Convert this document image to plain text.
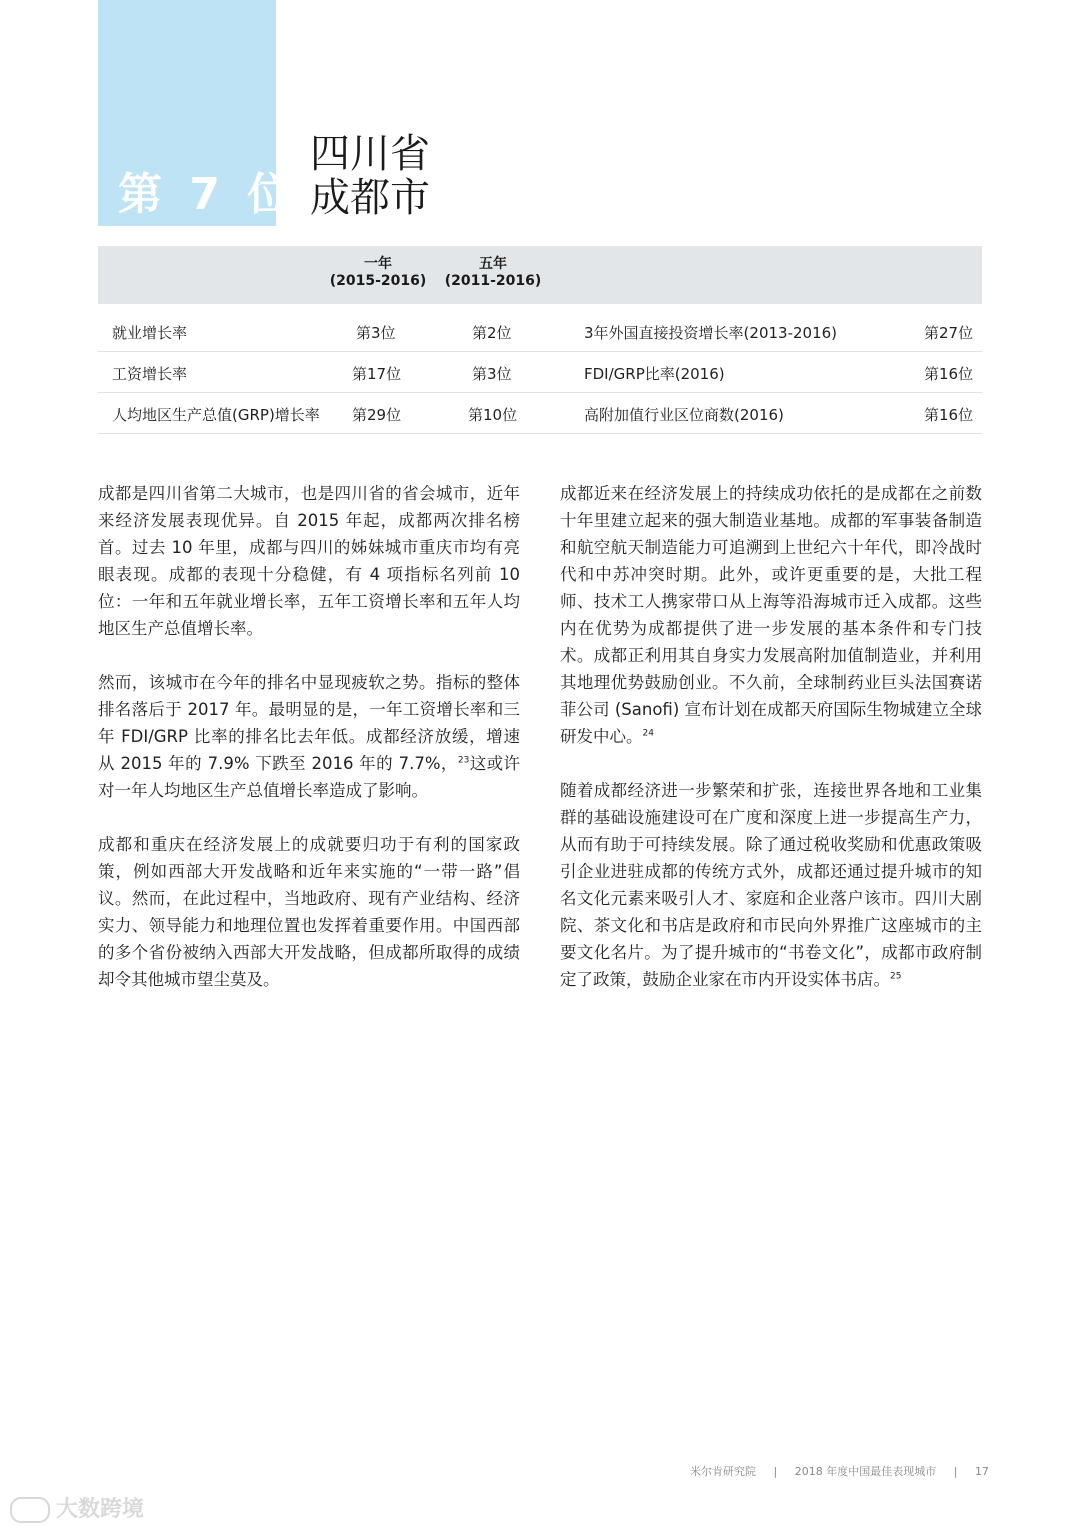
第 7 位
四川省
成都市
一年
(2015-2016)
五年
(2011-2016)
就业增长率	第3位	第2位	3年外国直接投资增长率(2013-2016)	第27位
工资增长率	第17位	第3位	FDI/GRP比率(2016)	第16位
人均地区生产总值(GRP)增长率 第29位	第10位	高附加值行业区位商数(2016)	第16位

成都是四川省第二大城市，也是四川省的省会城市，近年来经济发展表现优异。自 2015 年起，成都两次排名榜首。过去 10 年里，成都与四川的姊妹城市重庆市均有亮眼表现。成都的表现十分稳健，有 4 项指标名列前 10 位：一年和五年就业增长率，五年工资增长率和五年人均地区生产总值增长率。

然而，该城市在今年的排名中显现疲软之势。指标的整体排名落后于 2017 年。最明显的是，一年工资增长率和三年 FDI/GRP 比率的排名比去年低。成都经济放缓，增速从 2015 年的 7.9% 下跌至 2016 年的 7.7%，$^{23}$这或许对一年人均地区生产总值增长率造成了影响。

成都和重庆在经济发展上的成就要归功于有利的国家政策，例如西部大开发战略和近年来实施的“一带一路”倡议。然而，在此过程中，当地政府、现有产业结构、经济实力、领导能力和地理位置也发挥着重要作用。中国西部的多个省份被纳入西部大开发战略，但成都所取得的成绩却令其他城市望尘莫及。

成都近来在经济发展上的持续成功依托的是成都在之前数十年里建立起来的强大制造业基地。成都的军事装备制造和航空航天制造能力可追溯到上世纪六十年代，即冷战时代和中苏冲突时期。此外，或许更重要的是，大批工程师、技术工人携家带口从上海等沿海城市迁入成都。这些内在优势为成都提供了进一步发展的基本条件和专门技术。成都正利用其自身实力发展高附加值制造业，并利用其地理优势鼓励创业。不久前，全球制药业巨头法国赛诺菲公司 (Sanofi) 宣布计划在成都天府国际生物城建立全球研发中心。$^{24}$

随着成都经济进一步繁荣和扩张，连接世界各地和工业集群的基础设施建设可在广度和深度上进一步提高生产力，从而有助于可持续发展。除了通过税收奖励和优惠政策吸引企业进驻成都的传统方式外，成都还通过提升城市的知名文化元素来吸引人才、家庭和企业落户该市。四川大剧院、茶文化和书店是政府和市民向外界推广这座城市的主要文化名片。为了提升城市的“书卷文化”，成都市政府制定了政策，鼓励企业家在市内开设实体书店。$^{25}$

米尔肯研究院 | 2018 年度中国最佳表现城市 | 17
大数跨境
